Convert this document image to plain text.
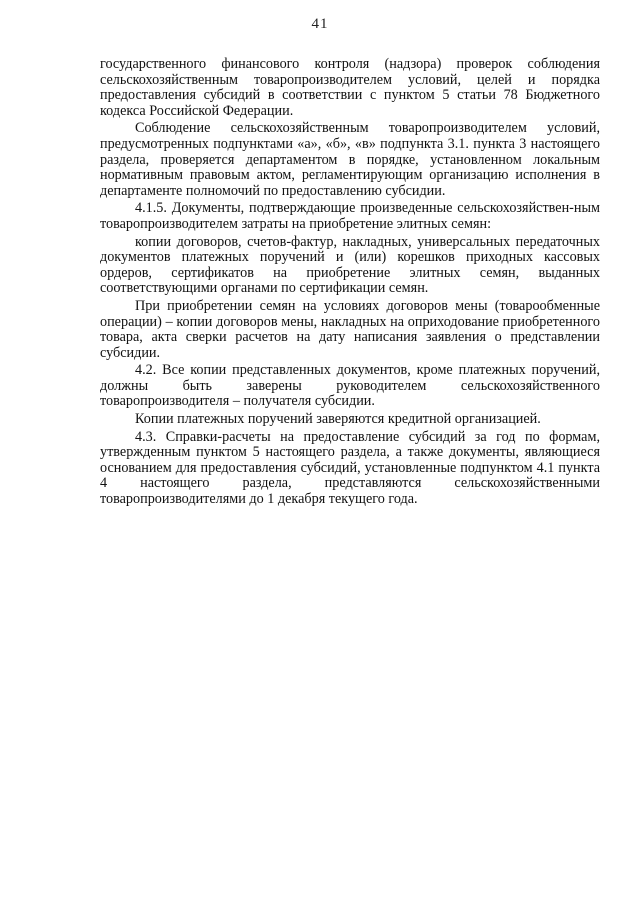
41

государственного финансового контроля (надзора) проверок соблюдения сельскохозяйственным товаропроизводителем условий, целей и порядка предоставления субсидий в соответствии с пунктом 5 статьи 78 Бюджетного кодекса Российской Федерации.

Соблюдение сельскохозяйственным товаропроизводителем условий, предусмотренных подпунктами «а», «б», «в» подпункта 3.1. пункта 3 настоящего раздела, проверяется департаментом в порядке, установленном локальным нормативным правовым актом, регламентирующим организацию исполнения в департаменте полномочий по предоставлению субсидии.

4.1.5. Документы, подтверждающие произведенные сельскохозяйствен-ным товаропроизводителем затраты на приобретение элитных семян:

копии договоров, счетов-фактур, накладных, универсальных передаточных документов платежных поручений и (или) корешков приходных кассовых ордеров, сертификатов на приобретение элитных семян, выданных соответствующими органами по сертификации семян.

При приобретении семян на условиях договоров мены (товарообменные операции) – копии договоров мены, накладных на оприходование приобретенного товара, акта сверки расчетов на дату написания заявления о представлении субсидии.

4.2. Все копии представленных документов, кроме платежных поручений, должны быть заверены руководителем сельскохозяйственного товаропроизводителя – получателя субсидии.

Копии платежных поручений заверяются кредитной организацией.

4.3. Справки-расчеты на предоставление субсидий за год по формам, утвержденным пунктом 5 настоящего раздела, а также документы, являющиеся основанием для предоставления субсидий, установленные подпунктом 4.1 пункта 4 настоящего раздела, представляются сельскохозяйственными товаропроизводителями до 1 декабря текущего года.
